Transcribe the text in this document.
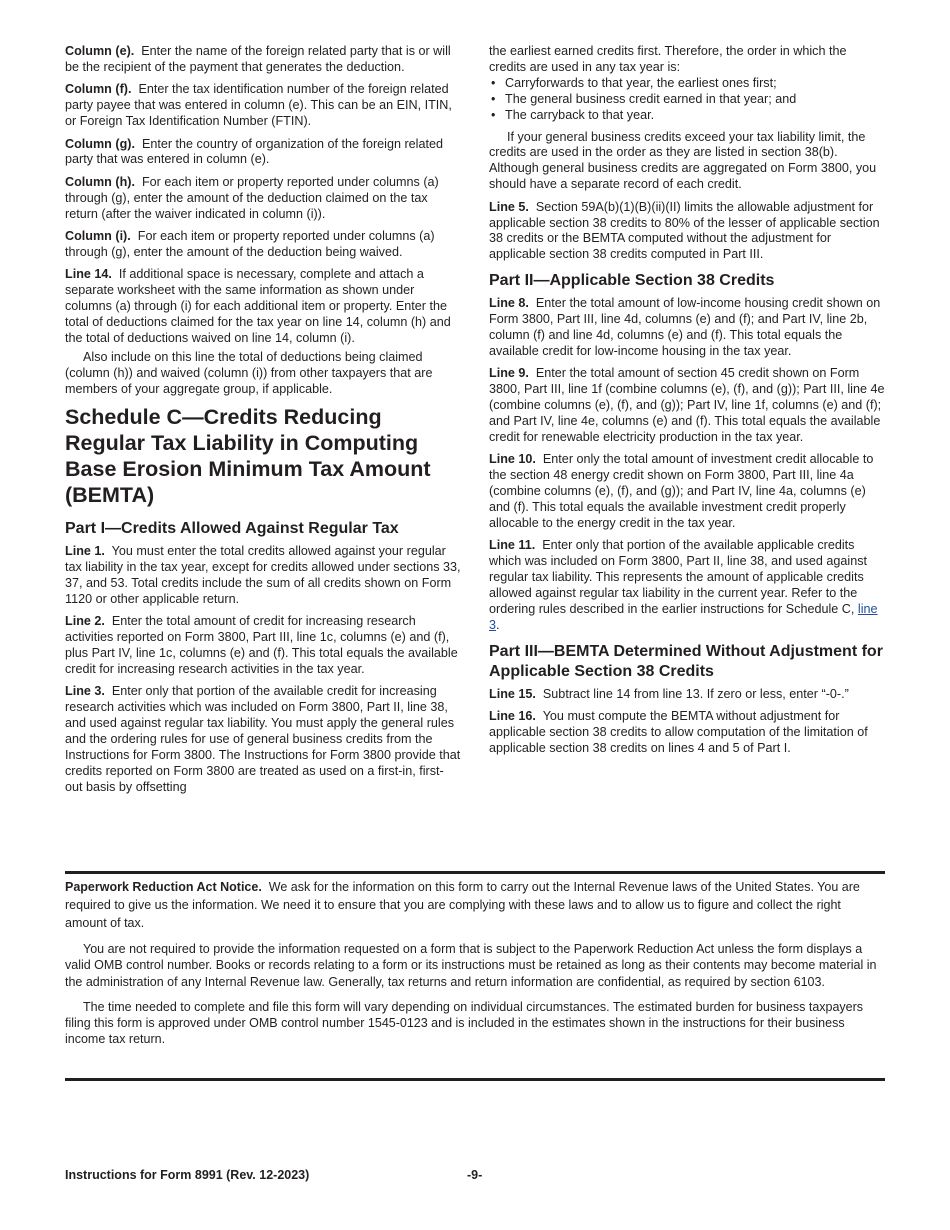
Column (e). Enter the name of the foreign related party that is or will be the recipient of the payment that generates the deduction.

Column (f). Enter the tax identification number of the foreign related party payee that was entered in column (e). This can be an EIN, ITIN, or Foreign Tax Identification Number (FTIN).

Column (g). Enter the country of organization of the foreign related party that was entered in column (e).

Column (h). For each item or property reported under columns (a) through (g), enter the amount of the deduction claimed on the tax return (after the waiver indicated in column (i)).

Column (i). For each item or property reported under columns (a) through (g), enter the amount of the deduction being waived.

Line 14. If additional space is necessary, complete and attach a separate worksheet with the same information as shown under columns (a) through (i) for each additional item or property. Enter the total of deductions claimed for the tax year on line 14, column (h) and the total of deductions waived on line 14, column (i).

Also include on this line the total of deductions being claimed (column (h)) and waived (column (i)) from other taxpayers that are members of your aggregate group, if applicable.

Schedule C—Credits Reducing Regular Tax Liability in Computing Base Erosion Minimum Tax Amount (BEMTA)
Part I—Credits Allowed Against Regular Tax

Line 1. You must enter the total credits allowed against your regular tax liability in the tax year, except for credits allowed under sections 33, 37, and 53. Total credits include the sum of all credits shown on Form 1120 or other applicable return.

Line 2. Enter the total amount of credit for increasing research activities reported on Form 3800, Part III, line 1c, columns (e) and (f), plus Part IV, line 1c, columns (e) and (f). This total equals the available credit for increasing research activities in the tax year.

Line 3. Enter only that portion of the available credit for increasing research activities which was included on Form 3800, Part II, line 38, and used against regular tax liability. You must apply the general rules and the ordering rules for use of general business credits from the Instructions for Form 3800. The Instructions for Form 3800 provide that credits reported on Form 3800 are treated as used on a first-in, first-out basis by offsetting

the earliest earned credits first. Therefore, the order in which the credits are used in any tax year is:

• Carryforwards to that year, the earliest ones first;
• The general business credit earned in that year; and
• The carryback to that year.

If your general business credits exceed your tax liability limit, the credits are used in the order as they are listed in section 38(b). Although general business credits are aggregated on Form 3800, you should have a separate record of each credit.

Line 5. Section 59A(b)(1)(B)(ii)(II) limits the allowable adjustment for applicable section 38 credits to 80% of the lesser of applicable section 38 credits or the BEMTA computed without the adjustment for applicable section 38 credits computed in Part III.

Part II—Applicable Section 38 Credits

Line 8. Enter the total amount of low-income housing credit shown on Form 3800, Part III, line 4d, columns (e) and (f); and Part IV, line 2b, column (f) and line 4d, columns (e) and (f). This total equals the available credit for low-income housing in the tax year.

Line 9. Enter the total amount of section 45 credit shown on Form 3800, Part III, line 1f (combine columns (e), (f), and (g)); Part III, line 4e (combine columns (e), (f), and (g)); Part IV, line 1f, columns (e) and (f); and Part IV, line 4e, columns (e) and (f). This total equals the available credit for renewable electricity production in the tax year.

Line 10. Enter only the total amount of investment credit allocable to the section 48 energy credit shown on Form 3800, Part III, line 4a (combine columns (e), (f), and (g)); and Part IV, line 4a, columns (e) and (f). This total equals the available investment credit properly allocable to the energy credit in the tax year.

Line 11. Enter only that portion of the available applicable credits which was included on Form 3800, Part II, line 38, and used against regular tax liability. This represents the amount of applicable credits allowed against regular tax liability in the current year. Refer to the ordering rules described in the earlier instructions for Schedule C, line 3.

Part III—BEMTA Determined Without Adjustment for Applicable Section 38 Credits

Line 15. Subtract line 14 from line 13. If zero or less, enter “-0-.”

Line 16. You must compute the BEMTA without adjustment for applicable section 38 credits to allow computation of the limitation of applicable section 38 credits on lines 4 and 5 of Part I.

Paperwork Reduction Act Notice. We ask for the information on this form to carry out the Internal Revenue laws of the United States. You are required to give us the information. We need it to ensure that you are complying with these laws and to allow us to figure and collect the right amount of tax.

You are not required to provide the information requested on a form that is subject to the Paperwork Reduction Act unless the form displays a valid OMB control number. Books or records relating to a form or its instructions must be retained as long as their contents may become material in the administration of any Internal Revenue law. Generally, tax returns and return information are confidential, as required by section 6103.

The time needed to complete and file this form will vary depending on individual circumstances. The estimated burden for business taxpayers filing this form is approved under OMB control number 1545-0123 and is included in the estimates shown in the instructions for their business income tax return.

Instructions for Form 8991 (Rev. 12-2023)	-9-
